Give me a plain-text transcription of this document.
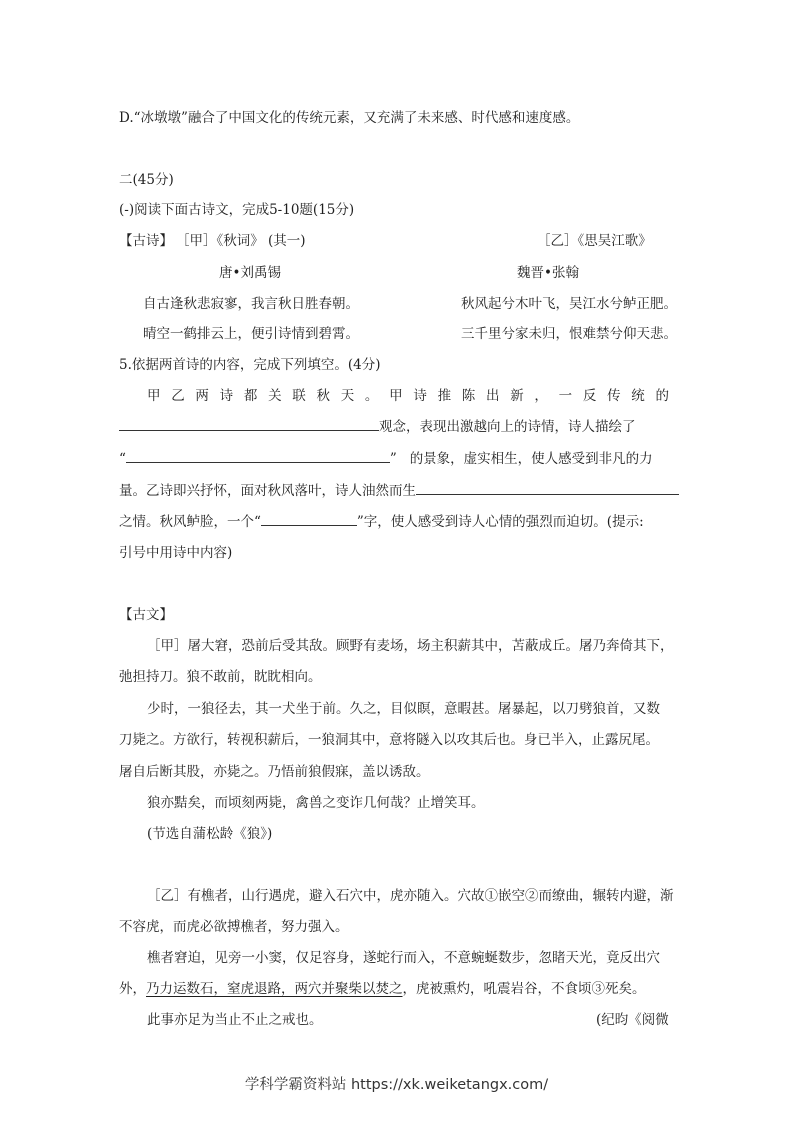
D.“冰墩墩”融合了中国文化的传统元素，又充满了未来感、时代感和速度感。
二(45分)
(-)阅读下面古诗文，完成5-10题(15分)
【古诗】 ［甲］《秋词》 (其一)	［乙］《思吴江歌》
唐•刘禹锡	魏晋•张翰
自古逢秋悲寂寥，我言秋日胜春朝。	秋风起兮木叶飞，吴江水兮鲈正肥。
晴空一鹤排云上，便引诗情到碧霄。	三千里兮家未归，恨难禁兮仰天悲。
5.依据两首诗的内容，完成下列填空。(4分)
甲乙两诗都关联秋天。甲诗推陈出新，一反传统的
观念，表现出激越向上的诗情，诗人描绘了
“	” 的景象，虚实相生，使人感受到非凡的力
量。乙诗即兴抒怀，面对秋风落叶，诗人油然而生
之情。秋风鲈脸，一个“	”字，使人感受到诗人心情的强烈而迫切。(提示:
引号中用诗中内容)
【古文】
［甲］屠大窘，恐前后受其敌。顾野有麦场，场主积薪其中，苫蔽成丘。屠乃奔倚其下，
弛担持刀。狼不敢前，眈眈相向。
少时，一狼径去，其一犬坐于前。久之，目似瞑，意暇甚。屠暴起，以刀劈狼首，又数
刀毙之。方欲行，转视积薪后，一狼洞其中，意将隧入以攻其后也。身已半入，止露尻尾。
屠自后断其股，亦毙之。乃悟前狼假寐，盖以诱敌。
狼亦黠矣，而顷刻两毙，禽兽之变诈几何哉？止增笑耳。
(节选自蒲松龄《狼》)
［乙］有樵者，山行遇虎，避入石穴中，虎亦随入。穴故①嵌空②而缭曲，辗转内避，渐
不容虎，而虎必欲搏樵者，努力强入。
樵者窘迫，见旁一小窦，仅足容身，遂蛇行而入，不意蜿蜒数步，忽睹天光，竟反出穴
外，乃力运数石，窒虎退路，两穴并聚柴以焚之，虎被熏灼，吼震岩谷，不食顷③死矣。
此事亦足为当止不止之戒也。	(纪昀《阅微
学科学霸资料站 https://xk.weiketangx.com/
